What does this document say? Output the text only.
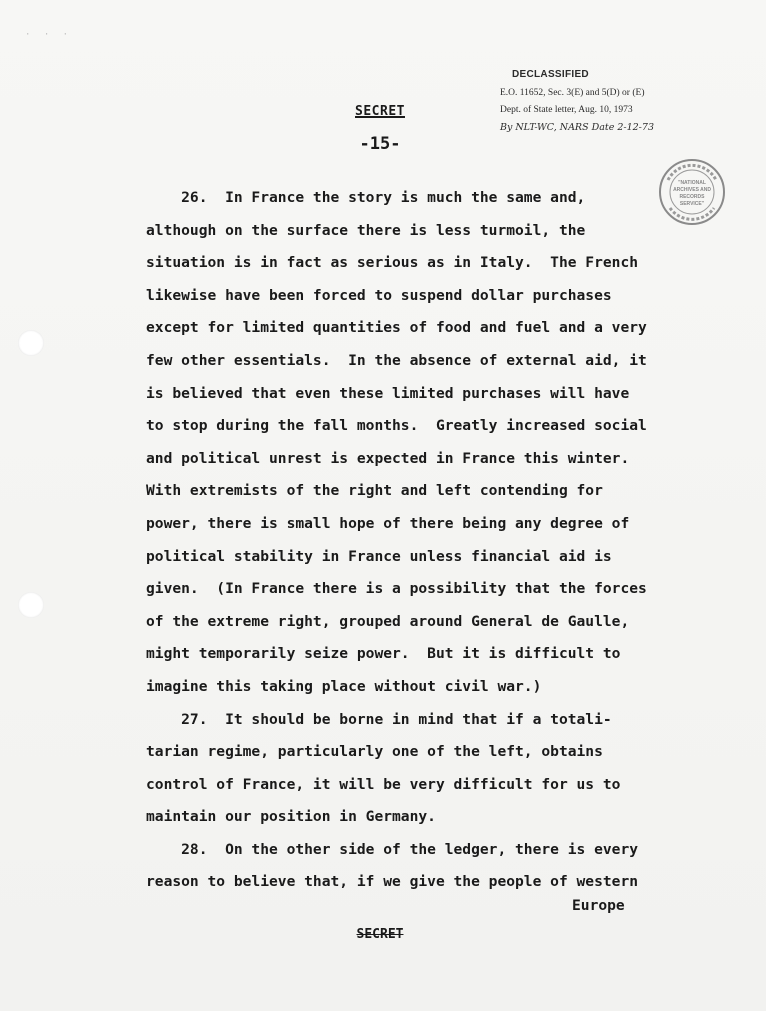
· · ·
SECRET
-15-
DECLASSIFIED
E.O. 11652, Sec. 3(E) and 5(D) or (E)
Dept. of State letter, Aug. 10, 1973
By NLT-WC, NARS Date 2-12-73
"NATIONAL
ARCHIVES AND
RECORDS
SERVICE"
26.  In France the story is much the same and,
although on the surface there is less turmoil, the
situation is in fact as serious as in Italy.  The French
likewise have been forced to suspend dollar purchases
except for limited quantities of food and fuel and a very
few other essentials.  In the absence of external aid, it
is believed that even these limited purchases will have
to stop during the fall months.  Greatly increased social
and political unrest is expected in France this winter.
With extremists of the right and left contending for
power, there is small hope of there being any degree of
political stability in France unless financial aid is
given.  (In France there is a possibility that the forces
of the extreme right, grouped around General de Gaulle,
might temporarily seize power.  But it is difficult to
imagine this taking place without civil war.)
27.  It should be borne in mind that if a totali-
tarian regime, particularly one of the left, obtains
control of France, it will be very difficult for us to
maintain our position in Germany.
28.  On the other side of the ledger, there is every
reason to believe that, if we give the people of western
Europe
SECRET
